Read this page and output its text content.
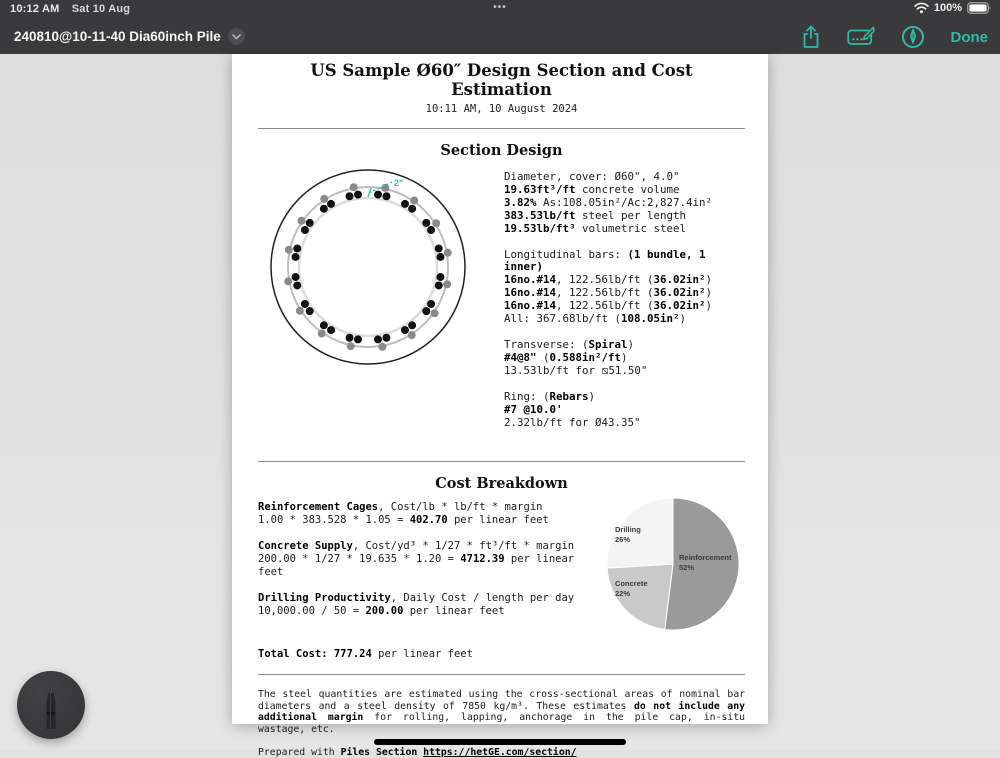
10:12 AM Sat 10 Aug	•••	100%
240810@10-11-40 Dia60inch Pile	Done
US Sample Ø60″ Design Section and Cost Estimation
10:11 AM, 10 August 2024
Section Design
2"	Diameter, cover: Ø60", 4.0"
19.63ft³/ft concrete volume
3.82% As:108.05in²/Ac:2,827.4in²
383.53lb/ft steel per length
19.53lb/ft³ volumetric steel
Longitudinal bars: (1 bundle, 1 inner)
16no.#14, 122.56lb/ft (36.02in²)
16no.#14, 122.56lb/ft (36.02in²)
16no.#14, 122.56lb/ft (36.02in²)
All: 367.68lb/ft (108.05in²)
Transverse: (Spiral)
#4@8" (0.588in²/ft)
13.53lb/ft for ⧅51.50"
Ring: (Rebars)
#7 @10.0'
2.32lb/ft for Ø43.35"
Cost Breakdown
Reinforcement Cages, Cost/lb * lb/ft * margin
1.00 * 383.528 * 1.05 = 402.70 per linear feet
Concrete Supply, Cost/yd³ * 1/27 * ft³/ft * margin
200.00 * 1/27 * 19.635 * 1.20 = 4712.39 per linear feet
Drilling Productivity, Daily Cost / length per day
10,000.00 / 50 = 200.00 per linear feet
Reinforcement
52%
Concrete
22%
Drilling
26%
Total Cost: 777.24 per linear feet
The steel quantities are estimated using the cross-sectional areas of nominal bar diameters and a steel density of 7850 kg/m³. These estimates do not include any additional margin for rolling, lapping, anchorage in the pile cap, in-situ wastage, etc.
Prepared with Piles Section https://hetGE.com/section/
